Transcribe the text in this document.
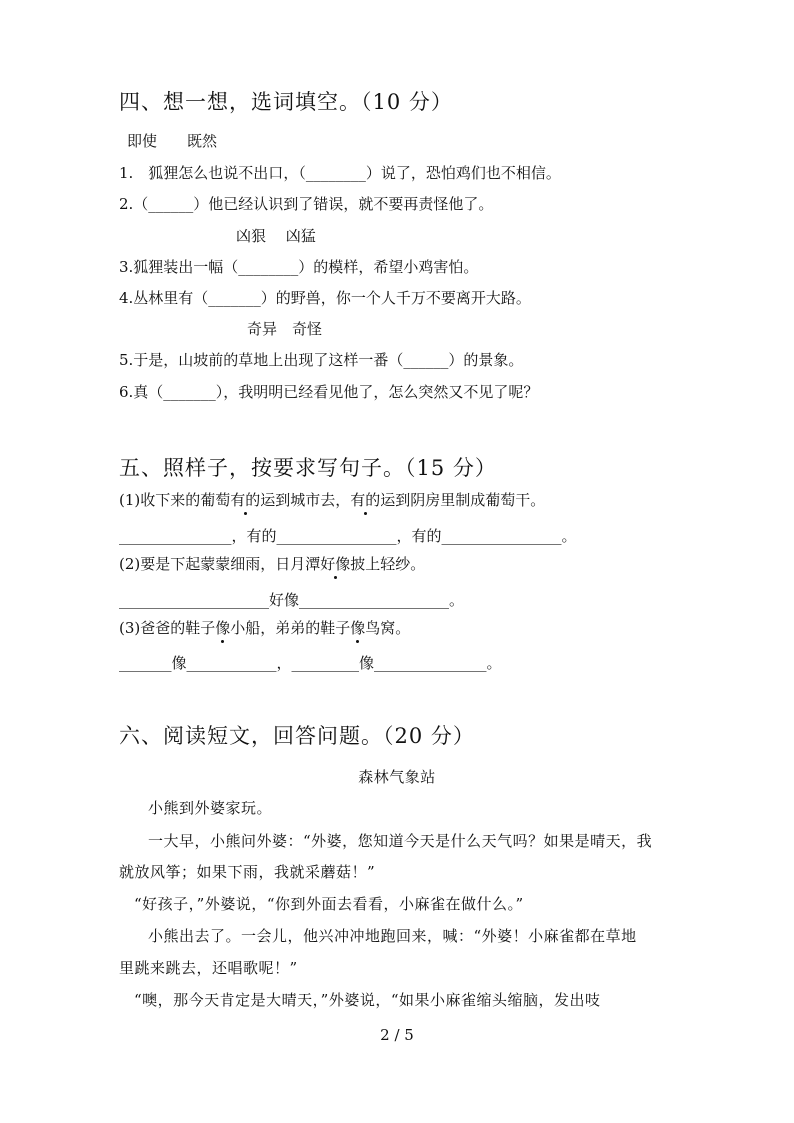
四、想一想，选词填空。（10 分）
即使　　既然
1.　狐狸怎么也说不出口，（________）说了，恐怕鸡们也不相信。
2.（______）他已经认识到了错误，就不要再责怪他了。
凶狠　 凶猛
3.狐狸装出一幅（________）的模样，希望小鸡害怕。
4.丛林里有（_______）的野兽，你一个人千万不要离开大路。
奇异　奇怪
5.于是，山坡前的草地上出现了这样一番（______）的景象。
6.真（_______），我明明已经看见他了，怎么突然又不见了呢？
五、照样子，按要求写句子。（15 分）
(1)收下来的葡萄有的运到城市去，有的运到阴房里制成葡萄干。
_______________，有的________________，有的________________。
(2)要是下起蒙蒙细雨，日月潭好像披上轻纱。
____________________好像____________________。
(3)爸爸的鞋子像小船，弟弟的鞋子像鸟窝。
_______像____________，_________像_______________。
六、阅读短文，回答问题。（20 分）
森林气象站
小熊到外婆家玩。
一大早，小熊问外婆：“外婆，您知道今天是什么天气吗？如果是晴天，我
就放风筝；如果下雨，我就采蘑菇！”
“好孩子，”外婆说，“你到外面去看看，小麻雀在做什么。”
小熊出去了。一会儿，他兴冲冲地跑回来，喊：“外婆！小麻雀都在草地
里跳来跳去，还唱歌呢！”
“噢，那今天肯定是大晴天，”外婆说，“如果小麻雀缩头缩脑，发出吱
2 / 5
